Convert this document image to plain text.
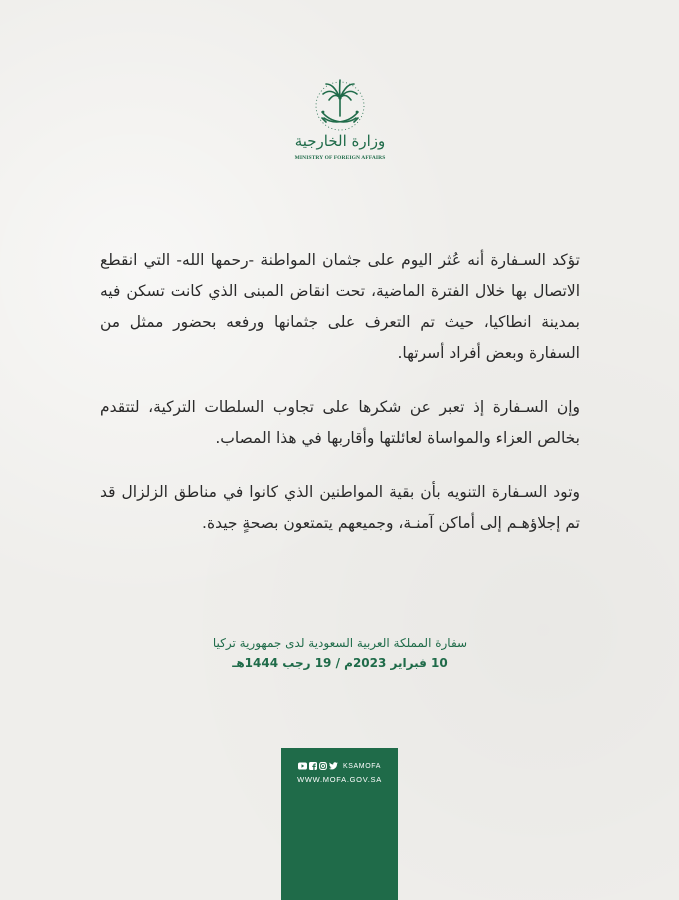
وزارة الخارجية
MINISTRY OF FOREIGN AFFAIRS

تؤكد السـفارة أنه عُثر اليوم على جثمان المواطنة -رحمها الله- التي انقطع الاتصال بها خلال الفترة الماضية، تحت انقاض المبنى الذي كانت تسكن فيه بمدينة انطاكيا، حيث تم التعرف على جثمانها ورفعه بحضور ممثل من السفارة وبعض أفراد أسرتها.

وإن السـفارة إذ تعبر عن شكرها على تجاوب السلطات التركية، لتتقدم بخالص العزاء والمواساة لعائلتها وأقاربها في هذا المصاب.

وتود السـفارة التنويه بأن بقية المواطنين الذي كانوا في مناطق الزلزال قد تم إجلاؤهـم إلى أماكن آمنـة، وجميعهم يتمتعون بصحةٍ جيدة.

سفارة المملكة العربية السعودية لدى جمهورية تركيا
10 فبراير 2023م / 19 رجب 1444هـ
KSAMOFA
WWW.MOFA.GOV.SA
